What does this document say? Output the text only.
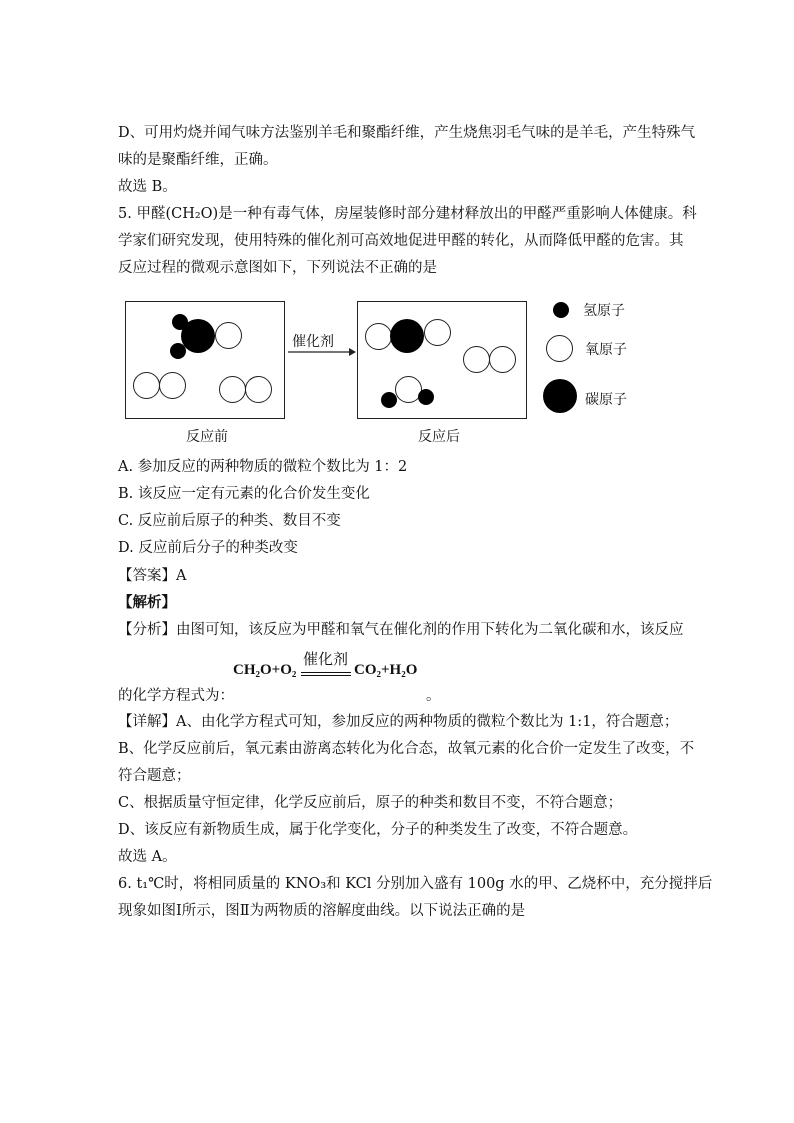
D、可用灼烧并闻气味方法鉴别羊毛和聚酯纤维，产生烧焦羽毛气味的是羊毛，产生特殊气
味的是聚酯纤维，正确。
故选 B。
5. 甲醛(CH₂O)是一种有毒气体，房屋装修时部分建材释放出的甲醛严重影响人体健康。科
学家们研究发现，使用特殊的催化剂可高效地促进甲醛的转化，从而降低甲醛的危害。其
反应过程的微观示意图如下，下列说法不正确的是
催化剂
反应前	反应后
氢原子
氧原子
碳原子
A. 参加反应的两种物质的微粒个数比为 1：2
B. 该反应一定有元素的化合价发生变化
C. 反应前后原子的种类、数目不变
D. 反应前后分子的种类改变
【答案】A
【解析】
【分析】由图可知，该反应为甲醛和氧气在催化剂的作用下转化为二氧化碳和水，该反应
CH₂O+O₂
催化剂
CO₂+H₂O
的化学方程式为：	。
【详解】A、由化学方程式可知，参加反应的两种物质的微粒个数比为 1:1，符合题意；
B、化学反应前后，氧元素由游离态转化为化合态，故氧元素的化合价一定发生了改变，不
符合题意；
C、根据质量守恒定律，化学反应前后，原子的种类和数目不变，不符合题意；
D、该反应有新物质生成，属于化学变化，分子的种类发生了改变，不符合题意。
故选 A。
6. t₁℃时，将相同质量的 KNO₃和 KCl 分别加入盛有 100g 水的甲、乙烧杯中，充分搅拌后
现象如图Ⅰ所示，图Ⅱ为两物质的溶解度曲线。以下说法正确的是
